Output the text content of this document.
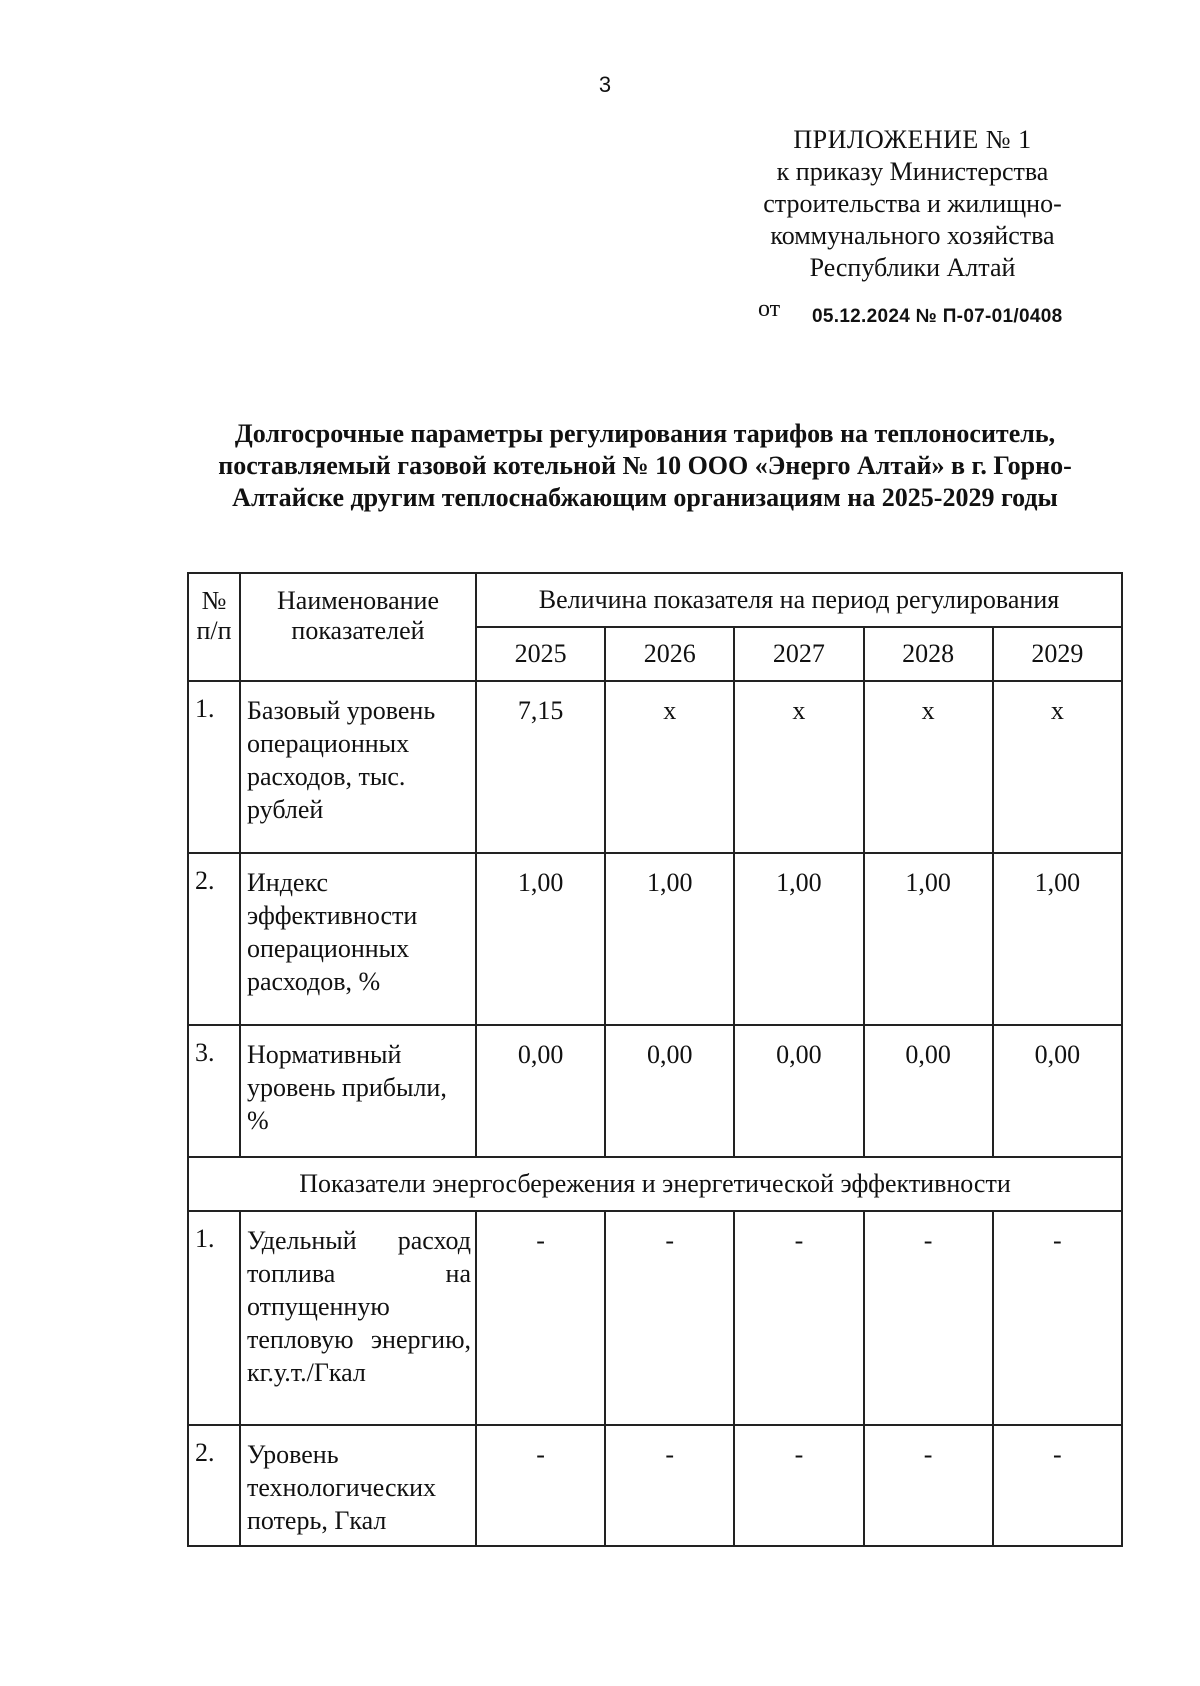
3
ПРИЛОЖЕНИЕ № 1
к приказу Министерства
строительства и жилищно-
коммунального хозяйства
Республики Алтай
от 05.12.2024 № П-07-01/0408
Долгосрочные параметры регулирования тарифов на теплоноситель,
поставляемый газовой котельной № 10 ООО «Энерго Алтай» в г. Горно-
Алтайске другим теплоснабжающим организациям на 2025-2029 годы
№ п/п	Наименование показателей	Величина показателя на период регулирования				
		2025	2026	2027	2028	2029
1.	Базовый уровень операционных расходов, тыс. рублей	7,15	х	х	х	х
2.	Индекс эффективности операционных расходов, %	1,00	1,00	1,00	1,00	1,00
3.	Нормативный уровень прибыли, %	0,00	0,00	0,00	0,00	0,00
Показатели энергосбережения и энергетической эффективности						
1.	Удельный расход топлива на отпущенную тепловую энергию, кг.у.т./Гкал	-	-	-	-	-
2.	Уровень технологических потерь, Гкал	-	-	-	-	-
